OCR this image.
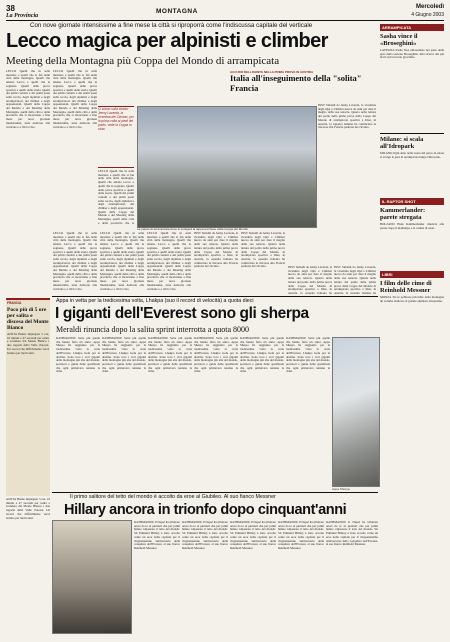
38
La Provincia
MONTAGNA
Mercoledì
4 Giugno 2003
Con nove giornate intensissime a fine mese la città si riproporrà come l'indiscussa capitale del verticale
Lecco magica per alpinisti e climber
Meeting della Montagna più Coppa del Mondo di arrampicata
LECCO Quelli che in sella mestiere e quelli che si fan nelle città della montagna. Quelli che amano Lecco e quelli che la sognano. Quelli delle prove sportive e quelli della storia. Quelli dei primi contatti e dei primi passi sulla roccia, degli alpinisti e degli arrampicatori, dei climber e degli appassionati. Quelli della Coppa del Mondo e del Meeting della Montagna, quelli della città e della provincia che si incontrano a fine mese per nove giornate intensissime, tutte dedicate alla verticale e a chi la vive.
LECCO Quelli che in sella mestiere e quelli che si fan nelle città della montagna. Quelli che amano Lecco e quelli che la sognano. Quelli delle prove sportive e quelli della storia. Quelli dei primi contatti e dei primi passi sulla roccia, degli alpinisti e degli arrampicatori, dei climber e degli appassionati. Quelli della Coppa del Mondo e del Meeting della Montagna, quelli della città e della provincia che si incontrano a fine mese per nove giornate intensissime, tutte dedicate alla verticale e a chi la vive.
Ci siamo sulla strada: Jenny Lavarda, la vicentina dei Climber, per la prima volta ai piedi del podio, vede la Coppa in vista
LECCO Quelli che in sella mestiere e quelli che si fan nelle città della montagna. Quelli che amano Lecco e quelli che la sognano. Quelli delle prove sportive e quelli della storia. Quelli dei primi contatti e dei primi passi sulla roccia, degli alpinisti e degli arrampicatori, dei climber e degli appassionati. Quelli della Coppa del Mondo e del Meeting della Montagna, quelli della città e della provincia che si
La parete di arrampicata dove si svolgerà la tappa lecchese della Coppa del Mondo
ACCURO DELLISONTE NELLA PRIMA PROVA IN AUSTRIA
Italia all'inseguimento della "solita" Francia
INST Subsidi da Jenny Lavarda, la vicentina degli Ojet e Climber nuova da anni per dare il meglio della sua tenacia. Quarta nella lettura del podio della prima prova della Coppa del Mondo di arrampicata sportiva a Imst, in Austria, la squadra italiana ha cominciato la rincorsa alla Francia padrona del circuito.
LECCO Quelli che in sella mestiere e quelli che si fan nelle città della montagna. Quelli che amano Lecco e quelli che la sognano. Quelli delle prove sportive e quelli della storia. Quelli dei primi contatti e dei primi passi sulla roccia, degli alpinisti e degli arrampicatori, dei climber e degli appassionati. Quelli della Coppa del Mondo e del Meeting della Montagna, quelli della città e della provincia che si incontrano a fine mese per nove giornate intensissime, tutte dedicate alla verticale e a chi la vive.
LECCO Quelli che in sella mestiere e quelli che si fan nelle città della montagna. Quelli che amano Lecco e quelli che la sognano. Quelli delle prove sportive e quelli della storia. Quelli dei primi contatti e dei primi passi sulla roccia, degli alpinisti e degli arrampicatori, dei climber e degli appassionati. Quelli della Coppa del Mondo e del Meeting della Montagna, quelli della città e della provincia che si incontrano a fine mese per nove giornate intensissime, tutte dedicate alla verticale e a chi la vive.
LECCO Quelli che in sella mestiere e quelli che si fan nelle città della montagna. Quelli che amano Lecco e quelli che la sognano. Quelli delle prove sportive e quelli della storia. Quelli dei primi contatti e dei primi passi sulla roccia, degli alpinisti e degli arrampicatori, dei climber e degli appassionati. Quelli della Coppa del Mondo e del Meeting della Montagna, quelli della città e della provincia che si incontrano a fine mese per nove giornate intensissime, tutte dedicate alla verticale e a chi la vive.
INST Subsidi da Jenny Lavarda, la vicentina degli Ojet e Climber nuova da anni per dare il meglio della sua tenacia. Quarta nella lettura del podio della prima prova della Coppa del Mondo di arrampicata sportiva a Imst, in Austria, la squadra italiana ha cominciato la rincorsa alla Francia padrona del circuito.
INST Subsidi da Jenny Lavarda, la vicentina degli Ojet e Climber nuova da anni per dare il meglio della sua tenacia. Quarta nella lettura del podio della prima prova della Coppa del Mondo di arrampicata sportiva a Imst, in Austria, la squadra italiana ha cominciato la rincorsa alla Francia padrona del circuito.	INST Subsidi da Jenny Lavarda, la vicentina degli Ojet e Climber nuova da anni per dare il meglio della sua tenacia. Quarta nella lettura del podio della prima prova della Coppa del Mondo di arrampicata sportiva a Imst, in Austria, la squadra italiana ha
INST Subsidi da Jenny Lavarda, la vicentina degli Ojet e Climber nuova da anni per dare il meglio della sua tenacia. Quarta nella lettura del podio della prima prova della Coppa del Mondo di arrampicata sportiva a Imst, in Austria, la squadra italiana ha
FRANCIA
Poco più di 5 ore per salita e discesa del Monte Bianco
AOSTA Hanno impiegato 5 ore, 16 minuti e 47 secondi per salire e scendere dal Monte Bianco i due ragazzi della Valle d'Aosta. Un record che difficilmente verrà battuto per molti anni.
ARRAMPICATA
Sasha vince il «Broseghini»
LAVEGNA Sasha Stee ultrasoldato nel parte della gara della sezione Broseghini. Alla ricerca dei più bravi sul tracciato giovanile.
Milano: si scala all'Idropark
MILANO Ogni anno nella storia del parco in estate si svolge la gara di arrampicata lungo l'Idroscalo.
IL RAPTOR SHOT
Kammerlander: parete stregata
BOLZANO Hans Kammerlander rinuncia alla parete dopo il maltempo e la caduta di sassi.
LIBRI
I film delle cime di Reinhold Messner
MONZA Tra le pellicole più belle della montagna un volume dedicato al grande alpinista altoatesino.
Appa in vetta per la tredicesima volta, Lhakpa (suo il record di velocità) a quota dieci
I giganti dell'Everest sono gli sherpa
Meraldi rinuncia dopo la salita sprint interrotta a quota 8000
KATHMANDU Sette più quelle che hanno fatto un anno: Appa Sherpa ha raggiunto per la tredicesima volta la vetta dell'Everest, Lhakpa Gelu per la decima. Sono loro i veri giganti della montagna più alta del mondo, portatori e guide delle spedizioni che ogni primavera tentano la cima.
KATHMANDU Sette più quelle che hanno fatto un anno: Appa Sherpa ha raggiunto per la tredicesima volta la vetta dell'Everest, Lhakpa Gelu per la decima. Sono loro i veri giganti della montagna più alta del mondo, portatori e guide delle spedizioni che ogni primavera tentano la cima.
KATHMANDU Sette più quelle che hanno fatto un anno: Appa Sherpa ha raggiunto per la tredicesima volta la vetta dell'Everest, Lhakpa Gelu per la decima. Sono loro i veri giganti della montagna più alta del mondo, portatori e guide delle spedizioni che ogni primavera tentano la cima.
KATHMANDU Sette più quelle che hanno fatto un anno: Appa Sherpa ha raggiunto per la tredicesima volta la vetta dell'Everest, Lhakpa Gelu per la decima. Sono loro i veri giganti della montagna più alta del mondo, portatori e guide delle spedizioni che ogni primavera tentano la cima.
KATHMANDU Sette più quelle che hanno fatto un anno: Appa Sherpa ha raggiunto per la tredicesima volta la vetta dell'Everest, Lhakpa Gelu per la decima. Sono loro i veri giganti della montagna più alta del mondo, portatori e guide delle spedizioni che ogni primavera tentano la cima.
KATHMANDU Sette più quelle che hanno fatto un anno: Appa Sherpa ha raggiunto per la tredicesima volta la vetta dell'Everest, Lhakpa Gelu per la decima. Sono loro i veri giganti della montagna più alta del mondo, portatori e guide delle spedizioni che ogni primavera tentano la cima.
Appa Sherpa
Il primo salitore del tetto del mondo è accolto da eroe al Giubileo. Al suo fianco Messner
Hillary ancora in trionfo dopo cinquant'anni
Edmund Hillary
KATHMANDU Il Nepal ha tributato onori da re ai pionieri che per primi hanno calpestato il tetto del mondo. Sir Edmund Hillary è stato accolto come un eroe nella capitale per il cinquantesimo anniversario della conquista dell'Everest, al suo fianco Reinhold Messner.
KATHMANDU Il Nepal ha tributato onori da re ai pionieri che per primi hanno calpestato il tetto del mondo. Sir Edmund Hillary è stato accolto come un eroe nella capitale per il cinquantesimo anniversario della conquista dell'Everest, al suo fianco Reinhold Messner.
KATHMANDU Il Nepal ha tributato onori da re ai pionieri che per primi hanno calpestato il tetto del mondo. Sir Edmund Hillary è stato accolto come un eroe nella capitale per il cinquantesimo anniversario della conquista dell'Everest, al suo fianco Reinhold Messner.
KATHMANDU Il Nepal ha tributato onori da re ai pionieri che per primi hanno calpestato il tetto del mondo. Sir Edmund Hillary è stato accolto come un eroe nella capitale per il cinquantesimo anniversario della conquista dell'Everest, al suo fianco Reinhold Messner.
KATHMANDU Il Nepal ha tributato onori da re ai pionieri che per primi hanno calpestato il tetto del mondo. Sir Edmund Hillary è stato accolto come un eroe nella capitale per il cinquantesimo anniversario della conquista dell'Everest, al suo fianco Reinhold Messner.
AOSTA Hanno impiegato 5 ore, 16 minuti e 47 secondi per salire e scendere dal Monte Bianco i due ragazzi della Valle d'Aosta. Un record che difficilmente verrà battuto per molti anni.
